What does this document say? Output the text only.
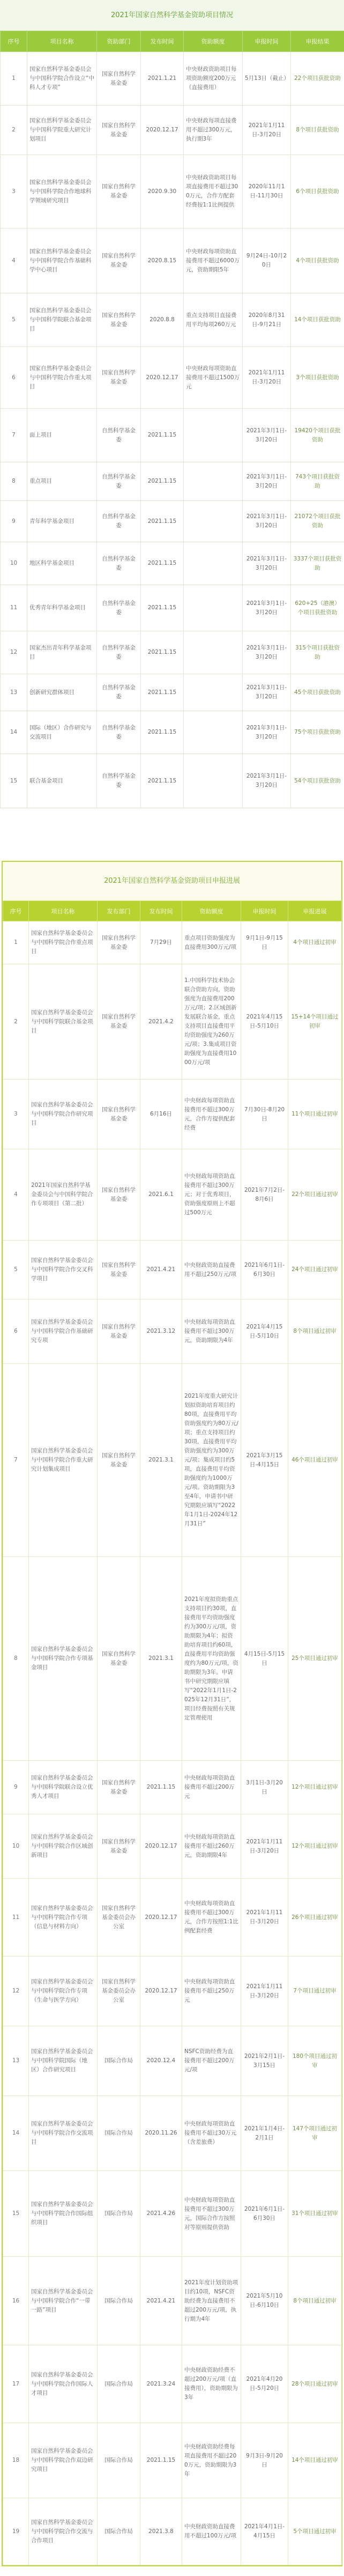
2021年国家自然科学基金资助项目情况
序号	项目名称	资助部门	发布时间	资助额度	申报时间	申报结果
1	国家自然科学基金委员会与中国科学院合作设立“中科人才专项”	国家自然科学基金委	2021.1.21	中央财政资助项目每项资助额度200万元（直接费用）	5月13日（截止）	22个项目获批资助
2	国家自然科学基金委员会与中国科学院重大研究计划项目	国家自然科学基金委	2020.12.17	中央财政每项直接费用不超过300万元，执行期3年	2021年1月11日-3月20日	8个项目获批资助
3	国家自然科学基金委员会与中国科学院合作地球科学领域研究项目	国家自然科学基金委	2020.9.30	中央财政资助项目每项直接费用不超过300万元，合作方配套经费按1:1比例提供	2020年11月1日-11月30日	6个项目获批资助
4	国家自然科学基金委员会与中国科学院合作基础科学中心项目	国家自然科学基金委	2020.8.15	中央财政每项资助直接费用不超过6000万元，资助期限5年	9月24日-10月20日	4个项目获批资助
5	国家自然科学基金委员会与中国科学院联合基金项目	国家自然科学基金委	2020.8.8	重点支持项目直接费用平均每项260万元	2020年8月31日-9月21日	14个项目获批资助
6	国家自然科学基金委员会与中国科学院合作重大项目	国家自然科学基金委	2020.12.17	中央财政每项资助直接费用不超过1500万元	2021年1月11日-3月20日	3个项目获批资助
7	面上项目	自然科学基金委	2021.1.15		2021年3月1日-3月20日	19420个项目获批资助
8	重点项目	自然科学基金委	2021.1.15		2021年3月1日-3月20日	743个项目获批资助
9	青年科学基金项目	自然科学基金委	2021.1.15		2021年3月1日-3月20日	21072个项目获批资助
10	地区科学基金项目	自然科学基金委	2021.1.15		2021年3月1日-3月20日	3337个项目获批资助
11	优秀青年科学基金项目	自然科学基金委	2021.1.15		2021年3月1日-3月20日	620+25（港澳）个项目获批资助
12	国家杰出青年科学基金项目	自然科学基金委	2021.1.15		2021年3月1日-3月20日	315个项目获批资助
13	创新研究群体项目	自然科学基金委	2021.1.15		2021年3月1日-3月20日	45个项目获批资助
14	国际（地区）合作研究与交流项目	自然科学基金委	2021.1.15		2021年3月1日-3月20日	75个项目获批资助
15	联合基金项目	自然科学基金委	2021.1.15		2021年3月1日-3月20日	54个项目获批资助
2021年国家自然科学基金资助项目申报进展
序号	项目名称	发布部门	发布时间	资助额度	申报时间	申报进展
1	国家自然科学基金委员会与中国科学院合作重点项目	国家自然科学基金委	7月29日	重点项目资助强度为直接费用300万元/项	9月1日-9月15日	4个项目通过初审
2	国家自然科学基金委员会与中国科学院联合基金项目	国家自然科学基金委	2021.4.2	1.中国科学技术协会联合资助方向，资助强度为直接费用200万元/项；2.区域创新发展联合基金，重点支持项目直接费用平均资助强度为260万元/项；3.集成项目资助强度为直接费用1000万元/项	2021年4月15日-5月10日	15+14个项目通过初审
3	国家自然科学基金委员会与中国科学院合作研究项目	国家自然科学基金委	6月16日	中央财政每项资助直接费用不超过300万元，合作方提供配套经费	7月30日-8月20日	11个项目通过初审
4	2021年国家自然科学基金委员会与中国科学院合作专项项目（第二批）	国家自然科学基金委	2021.6.1	中央财政每项资助直接费用不超过300万元；对于优秀项目，资助强度原则上不超过500万元	2021年7月2日-8月6日	22个项目通过初审
5	国家自然科学基金委员会与中国科学院合作交叉科学项目	国家自然科学基金委	2021.4.21	中央财政资助直接费用不超过250万元/项	2021年6月1日-6月30日	24个项目通过初审
6	国家自然科学基金委员会与中国科学院合作基础研究专项	国家自然科学基金委	2021.3.12	中央财政每项资助直接费用不超过300万元，资助期限为4年	2021年4月15日-5月10日	8个项目通过初审
7	国家自然科学基金委员会与中国科学院合作重大研究计划集成项目	国家自然科学基金委	2021.3.1	2021年度重大研究计划拟资助培育项目约80项，直接费用平均资助强度约为80万元/项；重点支持项目约30项，直接费用平均资助强度约为300万元/项；集成项目约5项，直接费用平均资助强度约为1000万元/项。资助期限为3至4年，申请书中研究期限应填写“2022年1月1日-2024年12月31日”	2021年3月15日-4月15日	46个项目通过初审
8	国家自然科学基金委员会与中国科学院合作专项基金项目	国家自然科学基金委	2021.3.1	2021年度拟资助重点支持项目约30项，直接费用平均资助强度约为300万元/项，资助期限为4年；拟资助培育项目约60项，直接费用平均资助强度约为80万元/项，资助期限为3年。申请书中研究期限应填写“2022年1月1日-2025年12月31日”，项目经费按照有关规定管理使用	4月15日-5月15日	25个项目通过初审
9	国家自然科学基金委员会与中国科学院联合设立优秀人才项目	国家自然科学基金委	2021.1.15	中央财政每项资助直接费用不超过200万元	3月1日-3月20日	12个项目通过初审
10	国家自然科学基金委员会与中国科学院合作区域创新项目	国家自然科学基金委	2020.12.17	中央财政每项资助直接费用不超过260万元，资助期限4年	2021年1月11日-3月20日	12个项目通过初审
11	国家自然科学基金委员会与中国科学院合作专项（信息与材料方向）	国家自然科学基金委员会办公室	2020.12.17	中央财政每项资助直接费用不超过300万元，合作方按照1:1比例配套经费	2021年1月11日-3月20日	26个项目通过初审
12	国家自然科学基金委员会与中国科学院合作专项（生命与医学方向）	国家自然科学基金委员会办公室	2020.12.17	中央财政每项资助直接费用不超过250万元	2021年1月11日-3月20日	7个项目通过初审
13	国家自然科学基金委员会与中国科学院国际（地区）合作研究项目	国际合作局	2020.12.4	NSFC资助经费为直接费用不超过200万元/项	2021年2月1日-3月15日	180个项目通过初审
14	国家自然科学基金委员会与中国科学院合作交流项目	国际合作局	2020.11.26	中央财政每项资助直接费用不超过30万元（含差旅费）	2021年1月4日-2月1日	147个项目通过初审
15	国家自然科学基金委员会与中国科学院合作国际组织项目	国际合作局	2021.4.26	中央财政每项资助直接费用不超过300万元，国际合作方按照对等原则提供资助	2021年6月1日-6月30日	31个项目通过初审
16	国家自然科学基金委员会与中国科学院合作“一带一路”项目	国际合作局	2021.4.21	2021年度计划资助项目约10项，NSFC资助经费为直接费用不超过200万元/项，执行期为4年	2021年5月10日-6月10日	8个项目通过初审
17	国家自然科学基金委员会与中国科学院合作国际人才项目	国际合作局	2021.3.24	中央财政资助经费不超过200万元/项（直接费用），资助期限为3年	2021年4月20日-5月20日	28个项目通过初审
18	国家自然科学基金委员会与中国科学院合作双边研究项目	国际合作局	2021.1.15	中央财政资助经费每项直接费用不超过200万元，资助期限为3年	9月3日-9月20日	14个项目通过初审
19	国家自然科学基金委员会与中国科学院合作交流与合作项目	国际合作局	2021.3.8	中央财政资助直接费用不超过100万元/项	2021年4月1日-4月15日	5个项目通过初审
